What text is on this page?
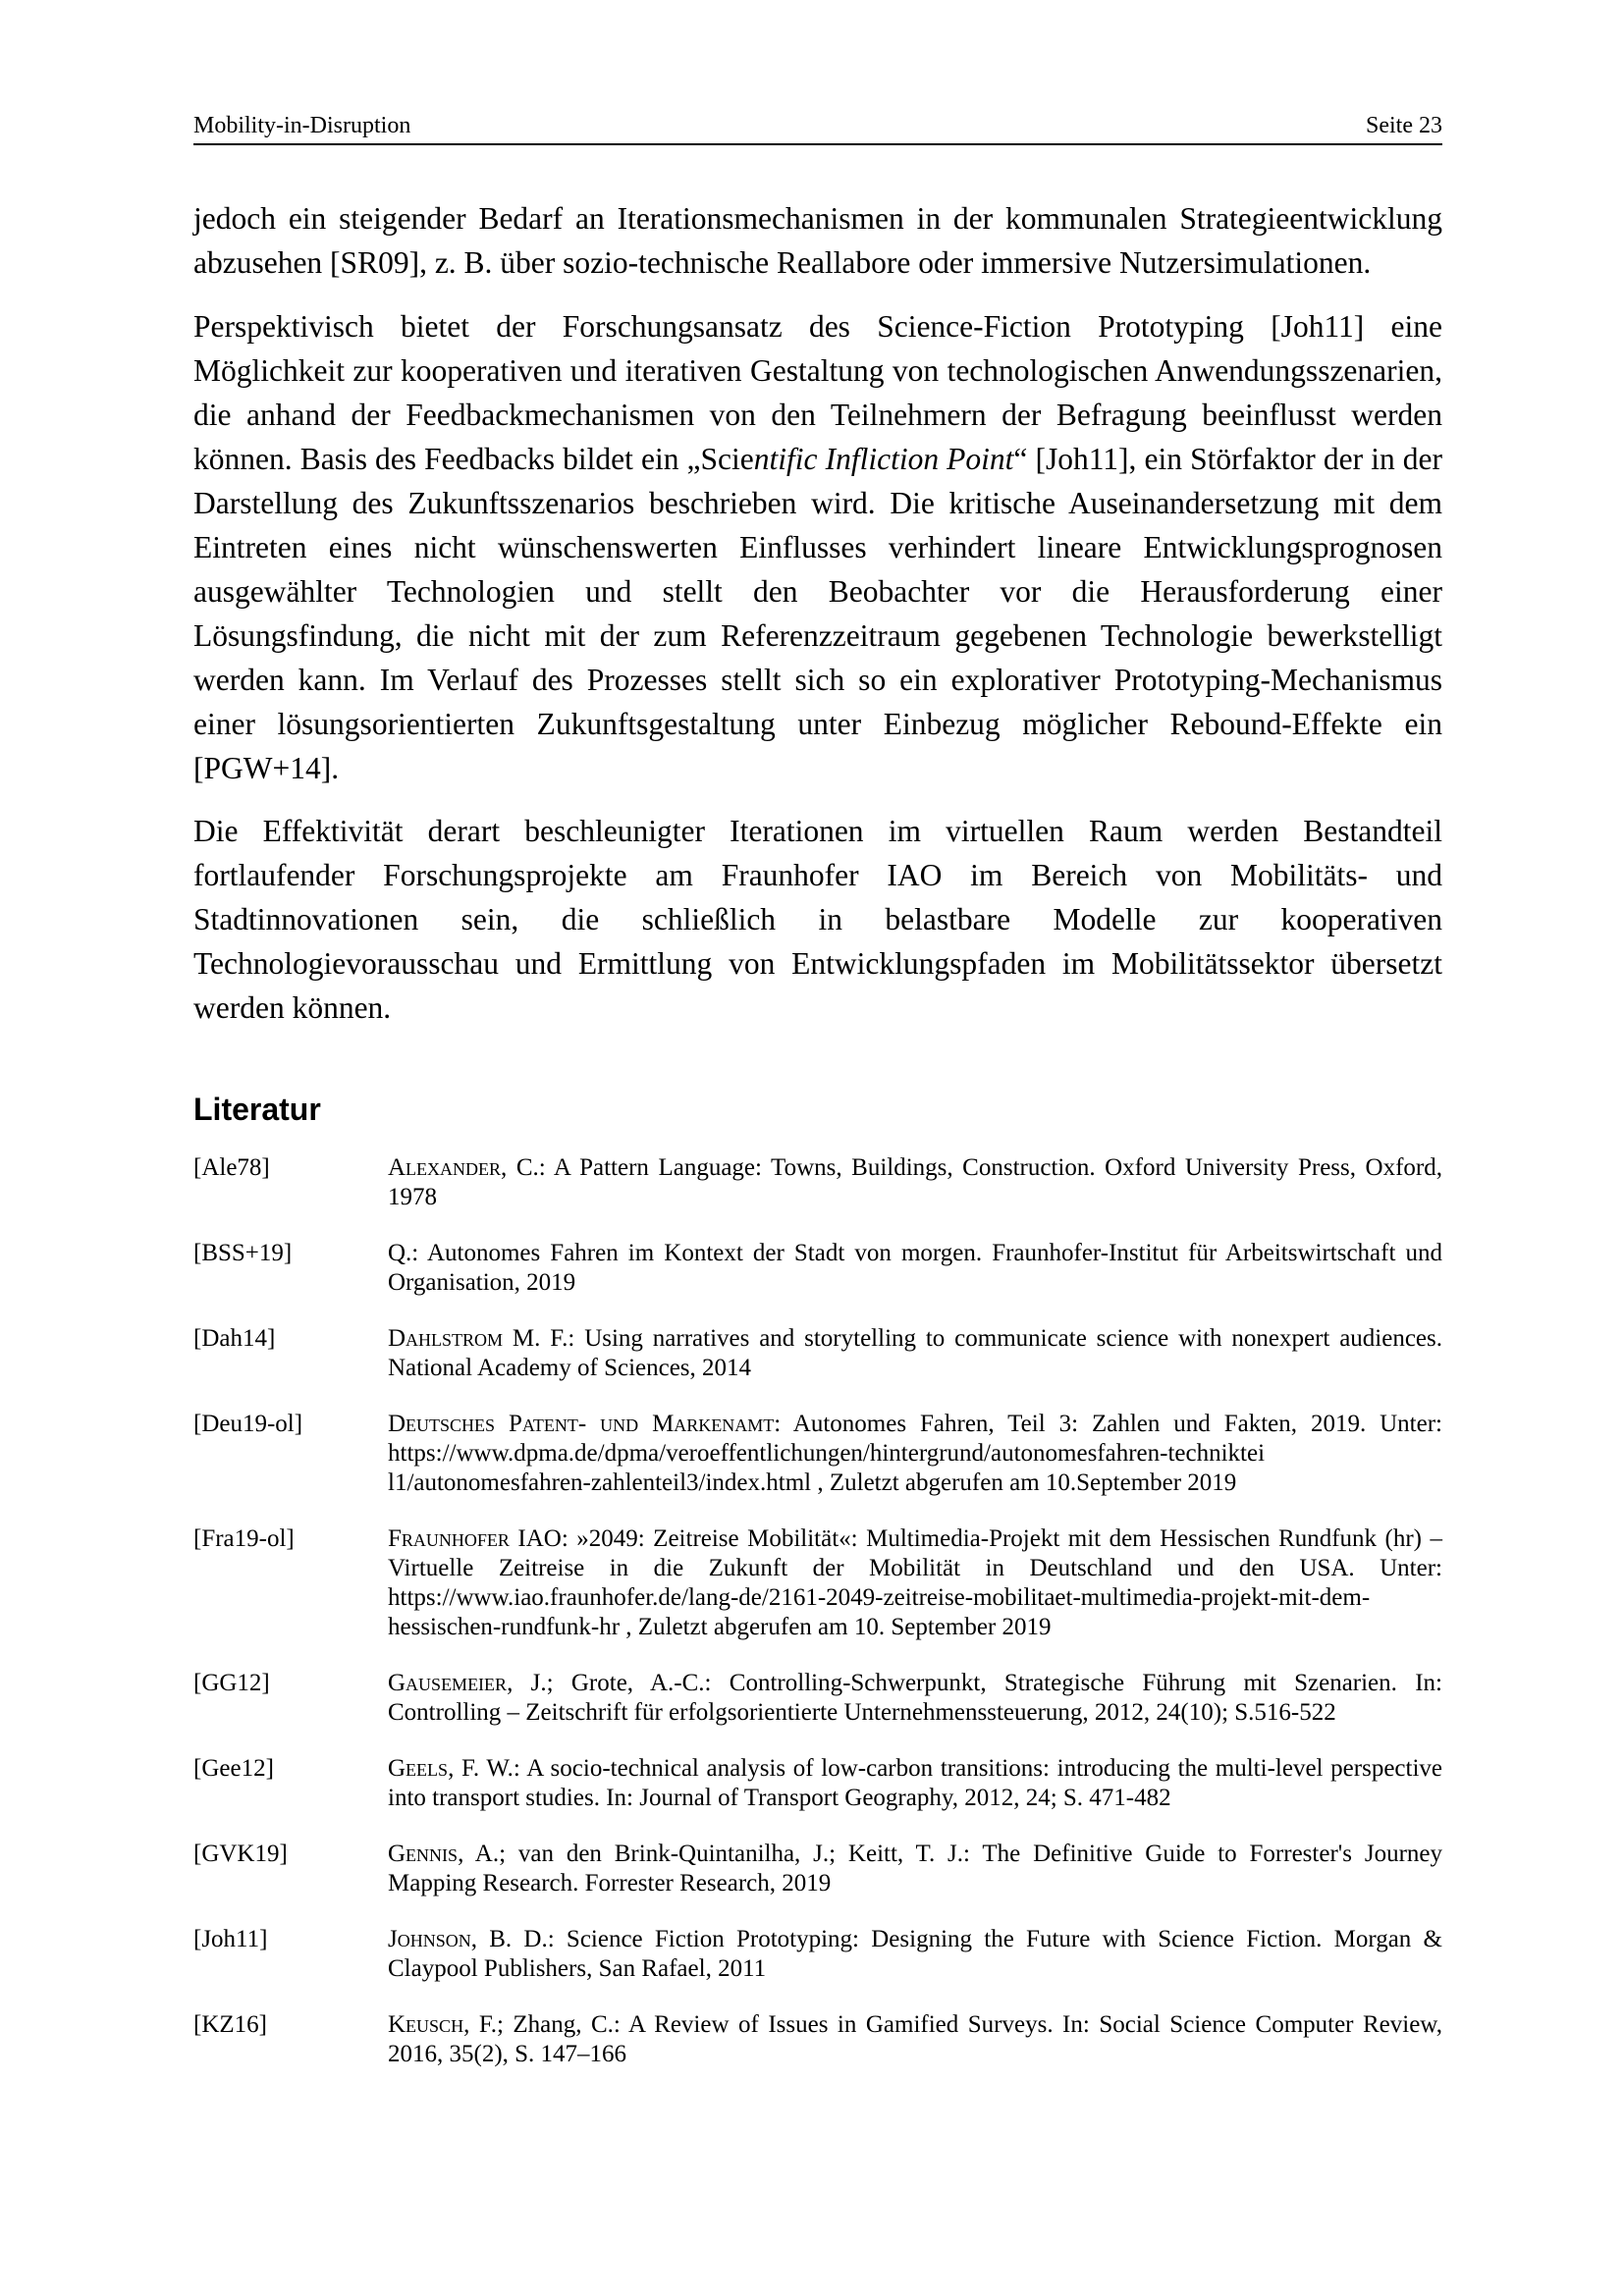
Mobility-in-Disruption	Seite 23

jedoch ein steigender Bedarf an Iterationsmechanismen in der kommunalen Strategieentwicklung abzusehen [SR09], z. B. über sozio-technische Reallabore oder immersive Nutzersimulationen.

Perspektivisch bietet der Forschungsansatz des Science-Fiction Prototyping [Joh11] eine Möglichkeit zur kooperativen und iterativen Gestaltung von technologischen Anwendungsszenarien, die anhand der Feedbackmechanismen von den Teilnehmern der Befragung beeinflusst werden können. Basis des Feedbacks bildet ein „Scientific Infliction Point“ [Joh11], ein Störfaktor der in der Darstellung des Zukunftsszenarios beschrieben wird. Die kritische Auseinandersetzung mit dem Eintreten eines nicht wünschenswerten Einflusses verhindert lineare Entwicklungsprognosen ausgewählter Technologien und stellt den Beobachter vor die Herausforderung einer Lösungsfindung, die nicht mit der zum Referenzzeitraum gegebenen Technologie bewerkstelligt werden kann. Im Verlauf des Prozesses stellt sich so ein explorativer Prototyping-Mechanismus einer lösungsorientierten Zukunftsgestaltung unter Einbezug möglicher Rebound-Effekte ein [PGW+14].

Die Effektivität derart beschleunigter Iterationen im virtuellen Raum werden Bestandteil fortlaufender Forschungsprojekte am Fraunhofer IAO im Bereich von Mobilitäts- und Stadtinnovationen sein, die schließlich in belastbare Modelle zur kooperativen Technologievorausschau und Ermittlung von Entwicklungspfaden im Mobilitätssektor übersetzt werden können.

Literatur
[Ale78]	Alexander, C.: A Pattern Language: Towns, Buildings, Construction. Oxford University Press, Oxford, 1978
[BSS+19]	Q.: Autonomes Fahren im Kontext der Stadt von morgen. Fraunhofer-Institut für Arbeitswirtschaft und Organisation, 2019
[Dah14]	Dahlstrom M. F.: Using narratives and storytelling to communicate science with nonexpert audiences. National Academy of Sciences, 2014
[Deu19-ol]	Deutsches Patent- und Markenamt: Autonomes Fahren, Teil 3: Zahlen und Fakten, 2019. Unter: https://www.dpma.de/dpma/veroeffentlichungen/hintergrund/autonomesfahren-techniktei l1/autonomesfahren-zahlenteil3/index.html , Zuletzt abgerufen am 10.September 2019
[Fra19-ol]	Fraunhofer IAO: »2049: Zeitreise Mobilität«: Multimedia-Projekt mit dem Hessischen Rundfunk (hr) – Virtuelle Zeitreise in die Zukunft der Mobilität in Deutschland und den USA. Unter: https://www.iao.fraunhofer.de/lang-de/2161-2049-zeitreise-mobilitaet-multimedia-projekt-mit-dem-hessischen-rundfunk-hr , Zuletzt abgerufen am 10. September 2019
[GG12]	Gausemeier, J.; Grote, A.-C.: Controlling-Schwerpunkt, Strategische Führung mit Szenarien. In: Controlling – Zeitschrift für erfolgsorientierte Unternehmenssteuerung, 2012, 24(10); S.516-522
[Gee12]	Geels, F. W.: A socio-technical analysis of low-carbon transitions: introducing the multi-level perspective into transport studies. In: Journal of Transport Geography, 2012, 24; S. 471-482
[GVK19]	Gennis, A.; van den Brink-Quintanilha, J.; Keitt, T. J.: The Definitive Guide to Forrester's Journey Mapping Research. Forrester Research, 2019
[Joh11]	Johnson, B. D.: Science Fiction Prototyping: Designing the Future with Science Fiction. Morgan & Claypool Publishers, San Rafael, 2011
[KZ16]	Keusch, F.; Zhang, C.: A Review of Issues in Gamified Surveys. In: Social Science Computer Review, 2016, 35(2), S. 147–166
